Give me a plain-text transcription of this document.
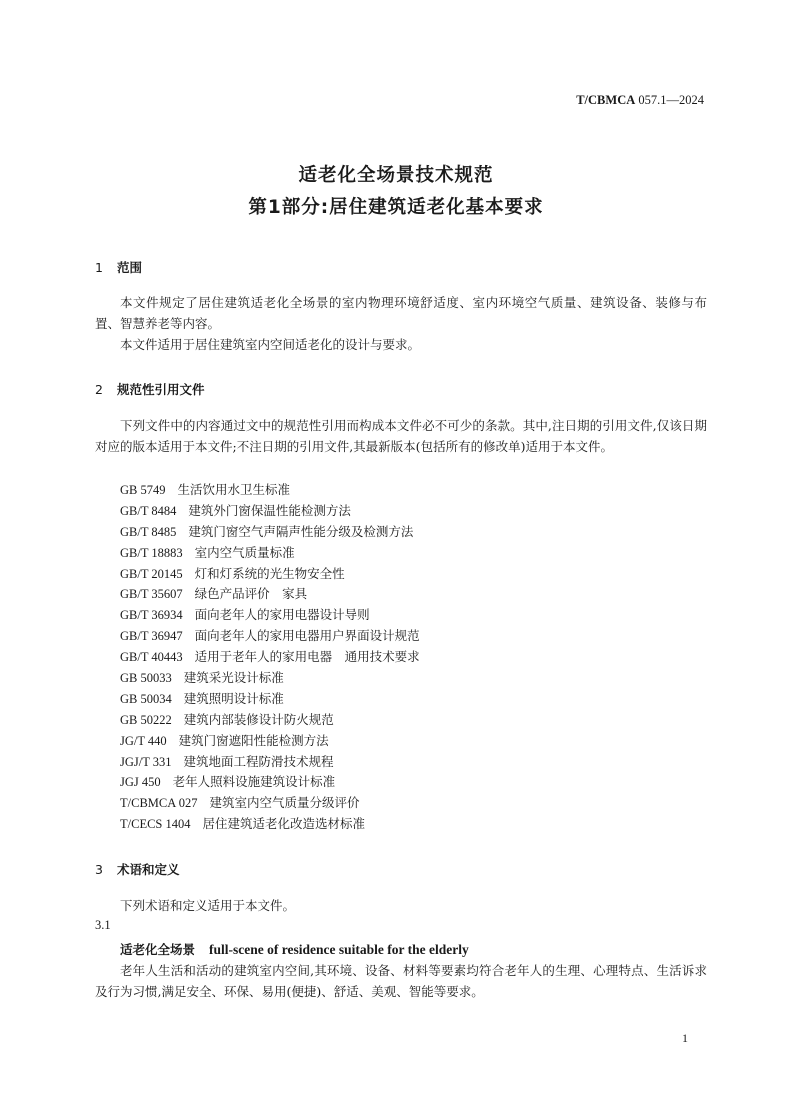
T/CBMCA 057.1—2024
适老化全场景技术规范
第1部分:居住建筑适老化基本要求
1 范围
本文件规定了居住建筑适老化全场景的室内物理环境舒适度、室内环境空气质量、建筑设备、装修与布置、智慧养老等内容。
本文件适用于居住建筑室内空间适老化的设计与要求。
2 规范性引用文件
下列文件中的内容通过文中的规范性引用而构成本文件必不可少的条款。其中,注日期的引用文件,仅该日期对应的版本适用于本文件;不注日期的引用文件,其最新版本(包括所有的修改单)适用于本文件。
GB 5749 生活饮用水卫生标准
GB/T 8484 建筑外门窗保温性能检测方法
GB/T 8485 建筑门窗空气声隔声性能分级及检测方法
GB/T 18883 室内空气质量标准
GB/T 20145 灯和灯系统的光生物安全性
GB/T 35607 绿色产品评价　家具
GB/T 36934 面向老年人的家用电器设计导则
GB/T 36947 面向老年人的家用电器用户界面设计规范
GB/T 40443 适用于老年人的家用电器　通用技术要求
GB 50033 建筑采光设计标准
GB 50034 建筑照明设计标准
GB 50222 建筑内部装修设计防火规范
JG/T 440 建筑门窗遮阳性能检测方法
JGJ/T 331 建筑地面工程防滑技术规程
JGJ 450 老年人照料设施建筑设计标准
T/CBMCA 027 建筑室内空气质量分级评价
T/CECS 1404 居住建筑适老化改造选材标准
3 术语和定义
下列术语和定义适用于本文件。
3.1
适老化全场景 full-scene of residence suitable for the elderly
老年人生活和活动的建筑室内空间,其环境、设备、材料等要素均符合老年人的生理、心理特点、生活诉求及行为习惯,满足安全、环保、易用(便捷)、舒适、美观、智能等要求。
1
